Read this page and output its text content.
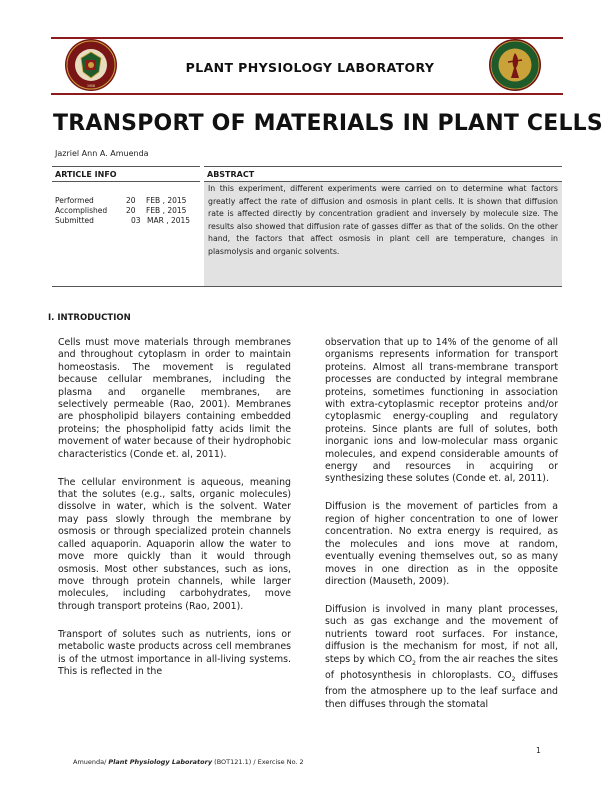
1908
PLANT PHYSIOLOGY LABORATORY
TRANSPORT OF MATERIALS IN PLANT CELLS
Jazriel Ann A. Amuenda
ARTICLE INFO
Performed	20 FEB , 2015
Accomplished	20 FEB , 2015
Submitted	03 MAR , 2015
ABSTRACT
In this experiment, different experiments were carried on to determine what factors greatly affect the rate of diffusion and osmosis in plant cells. It is shown that diffusion rate is affected directly by concentration gradient and inversely by molecule size. The results also showed that diffusion rate of gasses differ as that of the solids. On the other hand, the factors that affect osmosis in plant cell are temperature, changes in plasmolysis and organic solvents.
I. INTRODUCTION

Cells must move materials through membranes and throughout cytoplasm in order to maintain homeostasis. The movement is regulated because cellular membranes, including the plasma and organelle membranes, are selectively permeable (Rao, 2001). Membranes are phospholipid bilayers containing embedded proteins; the phospholipid fatty acids limit the movement of water because of their hydrophobic characteristics (Conde et. al, 2011).

The cellular environment is aqueous, meaning that the solutes (e.g., salts, organic molecules) dissolve in water, which is the solvent. Water may pass slowly through the membrane by osmosis or through specialized protein channels called aquaporin. Aquaporin allow the water to move more quickly than it would through osmosis. Most other substances, such as ions, move through protein channels, while larger molecules, including carbohydrates, move through transport proteins (Rao, 2001).

Transport of solutes such as nutrients, ions or metabolic waste products across cell membranes is of the utmost importance in all-living systems. This is reflected in the

observation that up to 14% of the genome of all organisms represents information for transport proteins. Almost all trans-membrane transport processes are conducted by integral membrane proteins, sometimes functioning in association with extra-cytoplasmic receptor proteins and/or cytoplasmic energy-coupling and regulatory proteins. Since plants are full of solutes, both inorganic ions and low-molecular mass organic molecules, and expend considerable amounts of energy and resources in acquiring or synthesizing these solutes (Conde et. al, 2011).

Diffusion is the movement of particles from a region of higher concentration to one of lower concentration. No extra energy is required, as the molecules and ions move at random, eventually evening themselves out, so as many moves in one direction as in the opposite direction (Mauseth, 2009).

Diffusion is involved in many plant processes, such as gas exchange and the movement of nutrients toward root surfaces. For instance, diffusion is the mechanism for most, if not all, steps by which $CO_2$ from the air reaches the sites of photosynthesis in chloroplasts. $CO_2$ diffuses from the atmosphere up to the leaf surface and then diffuses through the stomatal

1
Amuenda/ Plant Physiology Laboratory (BOT121.1) / Exercise No. 2
